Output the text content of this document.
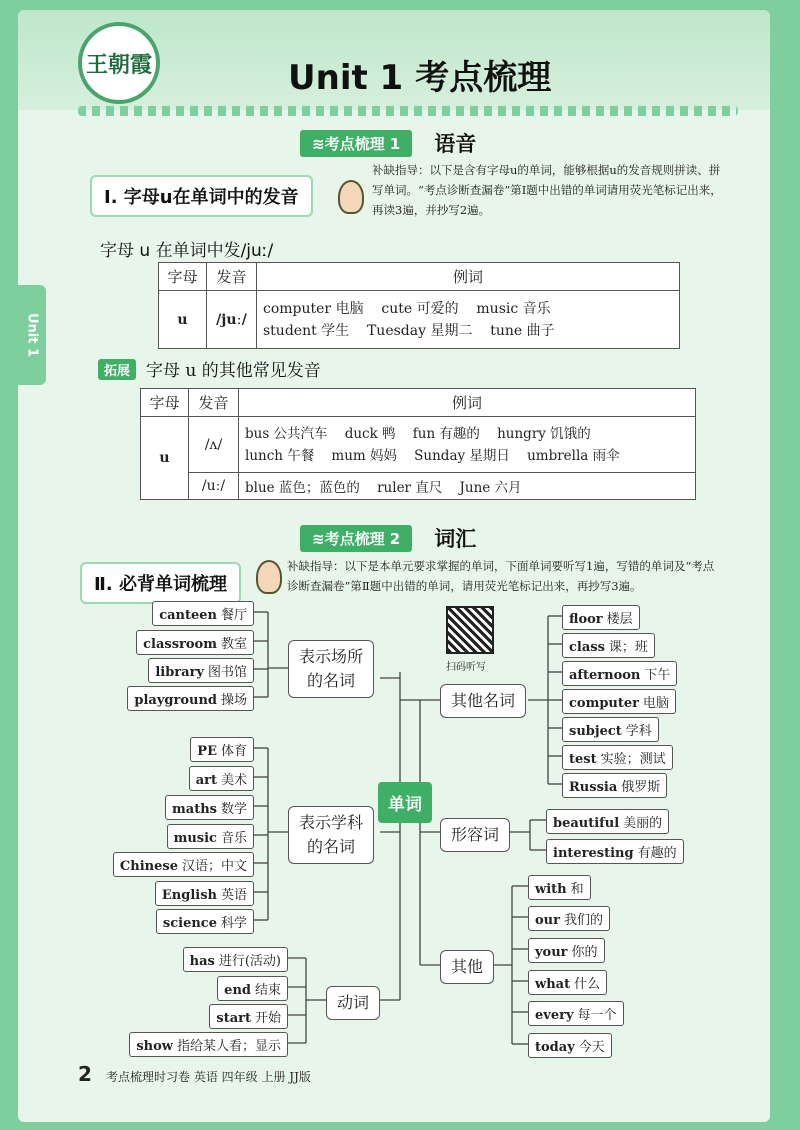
王朝霞	Unit 1 考点梳理
Unit 1
≋考点梳理 1	语音
Ⅰ. 字母u在单词中的发音
补缺指导：以下是含有字母u的单词，能够根据u的发音规则拼读、拼写单词。“考点诊断查漏卷”第Ⅰ题中出错的单词请用荧光笔标记出来，再读3遍，并抄写2遍。
字母 u 在单词中发/juː/
字母	发音	例词
u	/juː/	computer 电脑    cute 可爱的    music 音乐
student 学生    Tuesday 星期二    tune 曲子
拓展 字母 u 的其他常见发音
字母	发音	例词
u	/ʌ/	bus 公共汽车    duck 鸭    fun 有趣的    hungry 饥饿的
lunch 午餐    mum 妈妈    Sunday 星期日    umbrella 雨伞

	/uː/	blue 蓝色；蓝色的    ruler 直尺    June 六月
≋考点梳理 2	词汇
Ⅱ. 必背单词梳理
补缺指导：以下是本单元要求掌握的单词，下面单词要听写1遍，写错的单词及“考点诊断查漏卷”第Ⅱ题中出错的单词，请用荧光笔标记出来，再抄写3遍。
扫码听写
单词
表示场所
的名词
表示学科
的名词
动词
其他名词
形容词
其他
canteen 餐厅
classroom 教室
library 图书馆
playground 操场
PE 体育
art 美术
maths 数学
music 音乐
Chinese 汉语；中文
English 英语
science 科学
has 进行(活动)
end 结束
start 开始
show 指给某人看；显示
floor 楼层
class 课；班
afternoon 下午
computer 电脑
subject 学科
test 实验；测试
Russia 俄罗斯
beautiful 美丽的
interesting 有趣的
with 和
our 我们的
your 你的
what 什么
every 每一个
today 今天
2 考点梳理时习卷 英语 四年级 上册 JJ版
